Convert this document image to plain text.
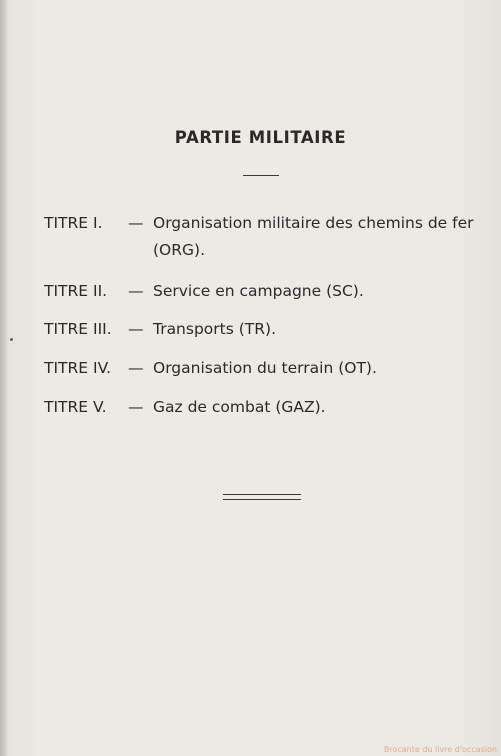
PARTIE MILITAIRE
TITRE I. — Organisation militaire des chemins de fer
(ORG).
TITRE II. — Service en campagne (SC).
TITRE III. — Transports (TR).
TITRE IV. — Organisation du terrain (OT).
TITRE V. — Gaz de combat (GAZ).
Brocante du livre d'occasion
